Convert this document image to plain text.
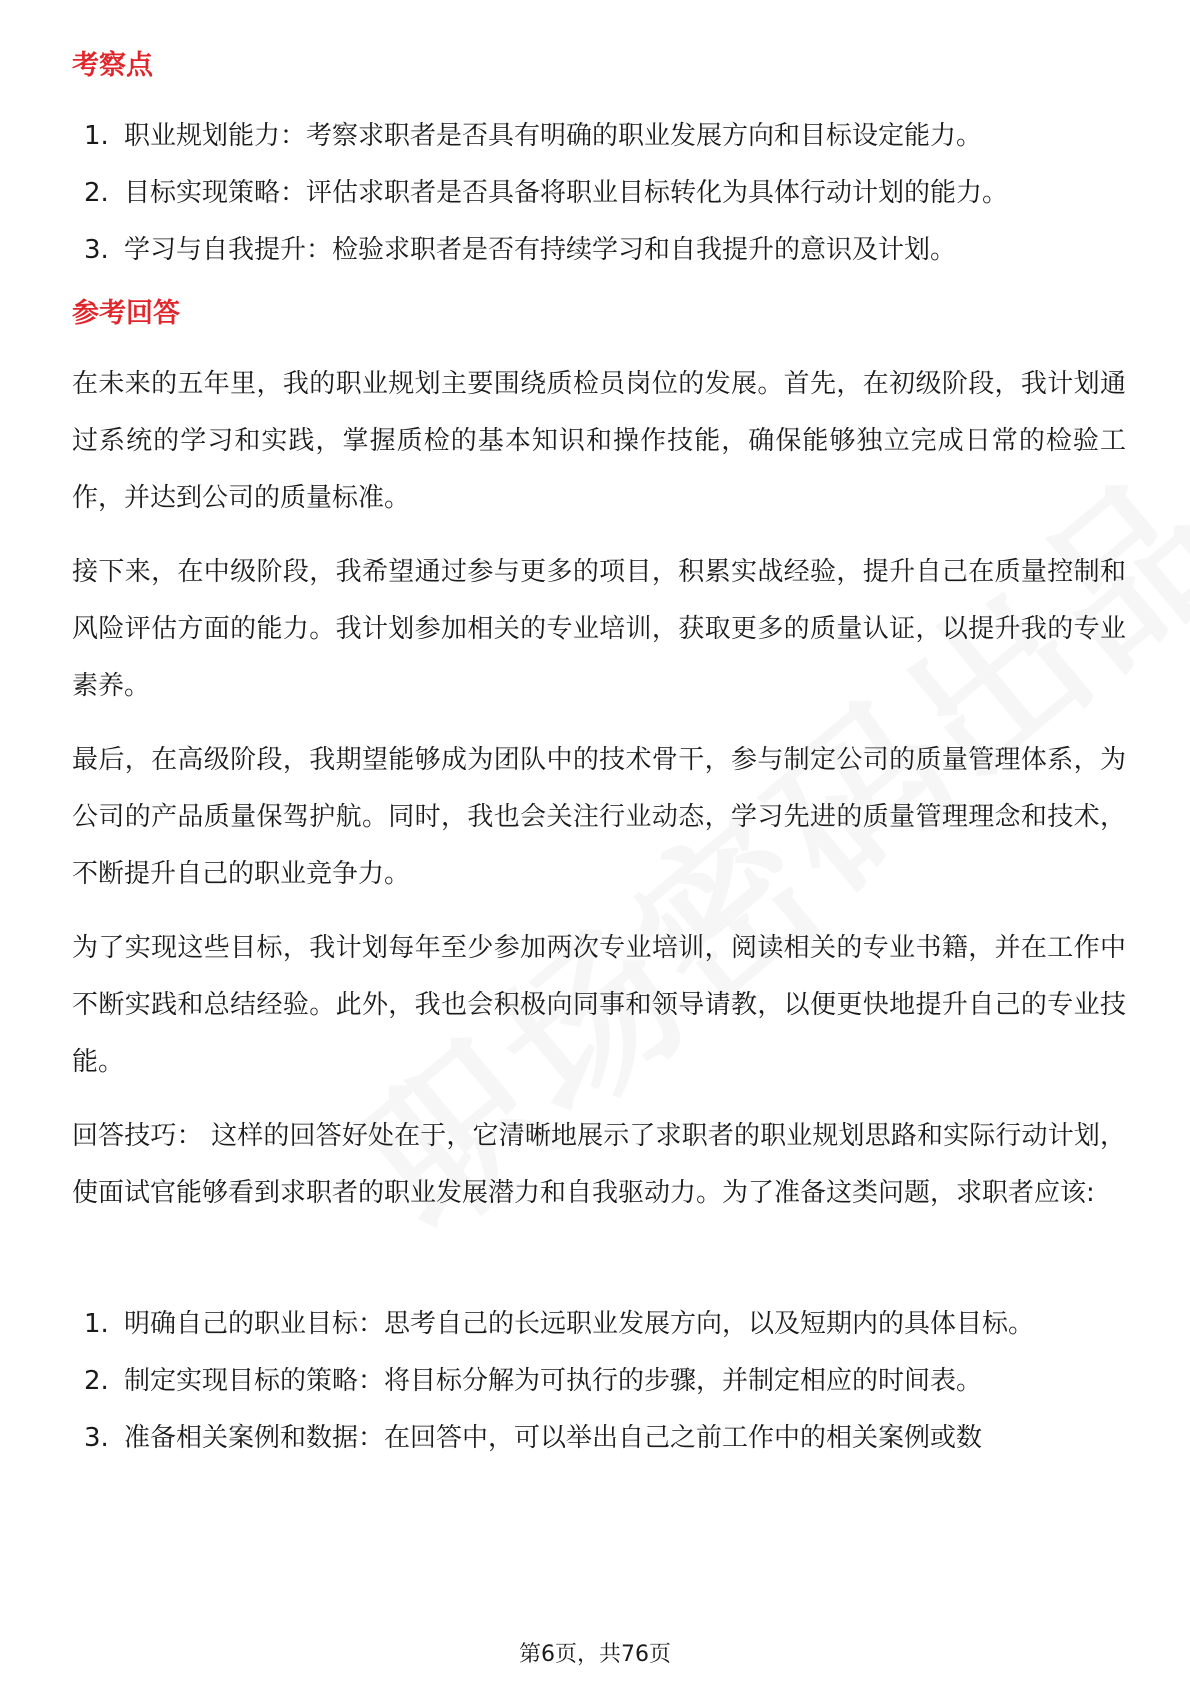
考察点
1. 职业规划能力：考察求职者是否具有明确的职业发展方向和目标设定能力。
2. 目标实现策略：评估求职者是否具备将职业目标转化为具体行动计划的能力。
3. 学习与自我提升：检验求职者是否有持续学习和自我提升的意识及计划。
参考回答

在未来的五年里，我的职业规划主要围绕质检员岗位的发展。首先，在初级阶段，我计划通过系统的学习和实践，掌握质检的基本知识和操作技能，确保能够独立完成日常的检验工作，并达到公司的质量标准。

接下来，在中级阶段，我希望通过参与更多的项目，积累实战经验，提升自己在质量控制和风险评估方面的能力。我计划参加相关的专业培训，获取更多的质量认证，以提升我的专业素养。

最后，在高级阶段，我期望能够成为团队中的技术骨干，参与制定公司的质量管理体系，为公司的产品质量保驾护航。同时，我也会关注行业动态，学习先进的质量管理理念和技术，不断提升自己的职业竞争力。

为了实现这些目标，我计划每年至少参加两次专业培训，阅读相关的专业书籍，并在工作中不断实践和总结经验。此外，我也会积极向同事和领导请教，以便更快地提升自己的专业技能。

回答技巧： 这样的回答好处在于，它清晰地展示了求职者的职业规划思路和实际行动计划，使面试官能够看到求职者的职业发展潜力和自我驱动力。为了准备这类问题，求职者应该:

1. 明确自己的职业目标：思考自己的长远职业发展方向，以及短期内的具体目标。
2. 制定实现目标的策略：将目标分解为可执行的步骤，并制定相应的时间表。
3. 准备相关案例和数据：在回答中，可以举出自己之前工作中的相关案例或数
第6页，共76页
